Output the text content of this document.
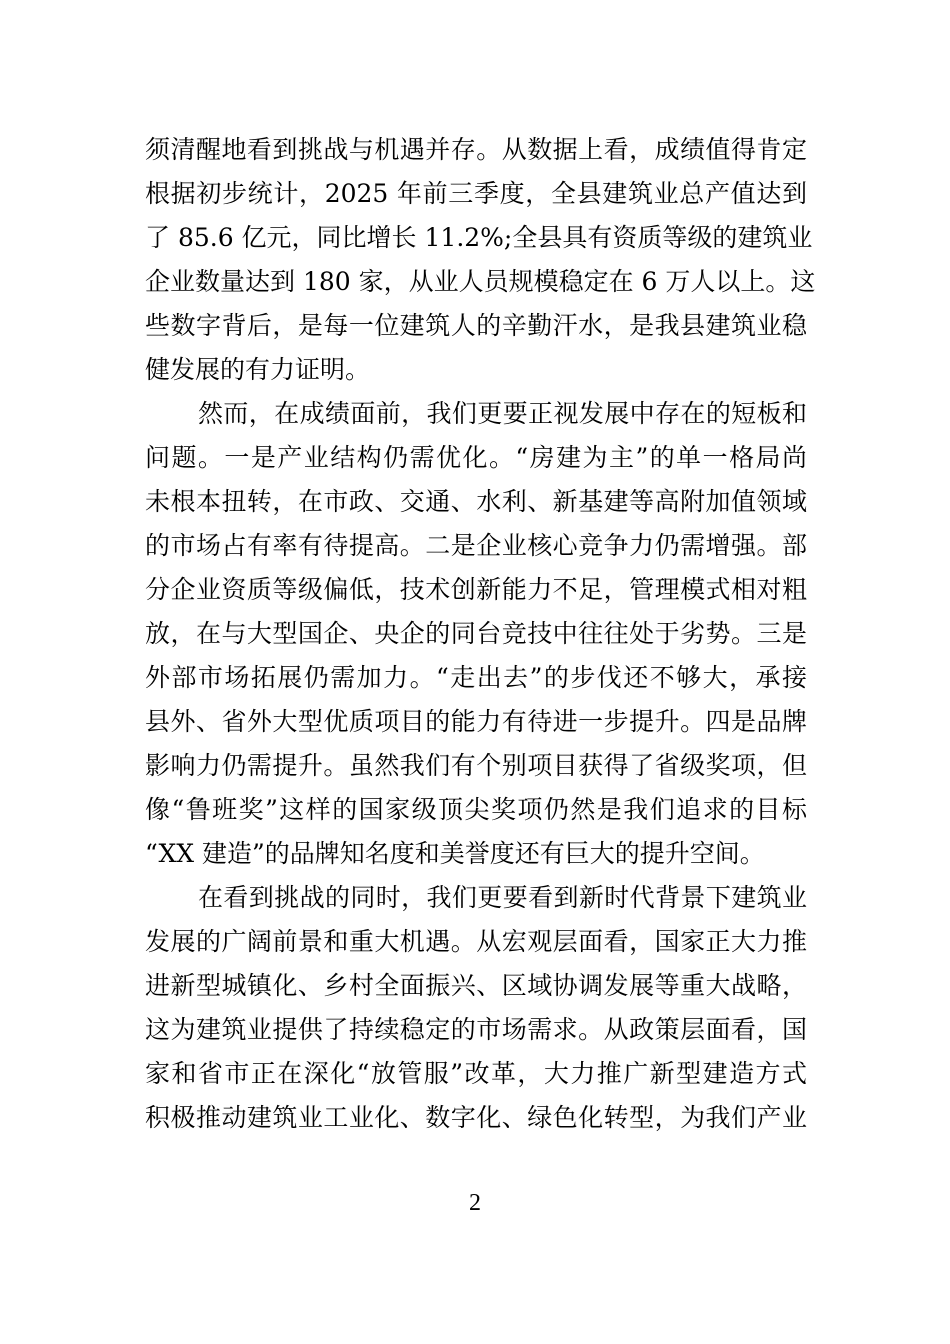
须清醒地看到挑战与机遇并存。从数据上看，成绩值得肯定
根据初步统计，2025 年前三季度，全县建筑业总产值达到
了 85.6 亿元，同比增长 11.2%;全县具有资质等级的建筑业
企业数量达到 180 家，从业人员规模稳定在 6 万人以上。这
些数字背后，是每一位建筑人的辛勤汗水，是我县建筑业稳
健发展的有力证明。
然而，在成绩面前，我们更要正视发展中存在的短板和
问题。一是产业结构仍需优化。“房建为主”的单一格局尚
未根本扭转，在市政、交通、水利、新基建等高附加值领域
的市场占有率有待提高。二是企业核心竞争力仍需增强。部
分企业资质等级偏低，技术创新能力不足，管理模式相对粗
放，在与大型国企、央企的同台竞技中往往处于劣势。三是
外部市场拓展仍需加力。“走出去”的步伐还不够大，承接
县外、省外大型优质项目的能力有待进一步提升。四是品牌
影响力仍需提升。虽然我们有个别项目获得了省级奖项，但
像“鲁班奖”这样的国家级顶尖奖项仍然是我们追求的目标
“XX 建造”的品牌知名度和美誉度还有巨大的提升空间。
在看到挑战的同时，我们更要看到新时代背景下建筑业
发展的广阔前景和重大机遇。从宏观层面看，国家正大力推
进新型城镇化、乡村全面振兴、区域协调发展等重大战略，
这为建筑业提供了持续稳定的市场需求。从政策层面看，国
家和省市正在深化“放管服”改革，大力推广新型建造方式
积极推动建筑业工业化、数字化、绿色化转型，为我们产业
2
